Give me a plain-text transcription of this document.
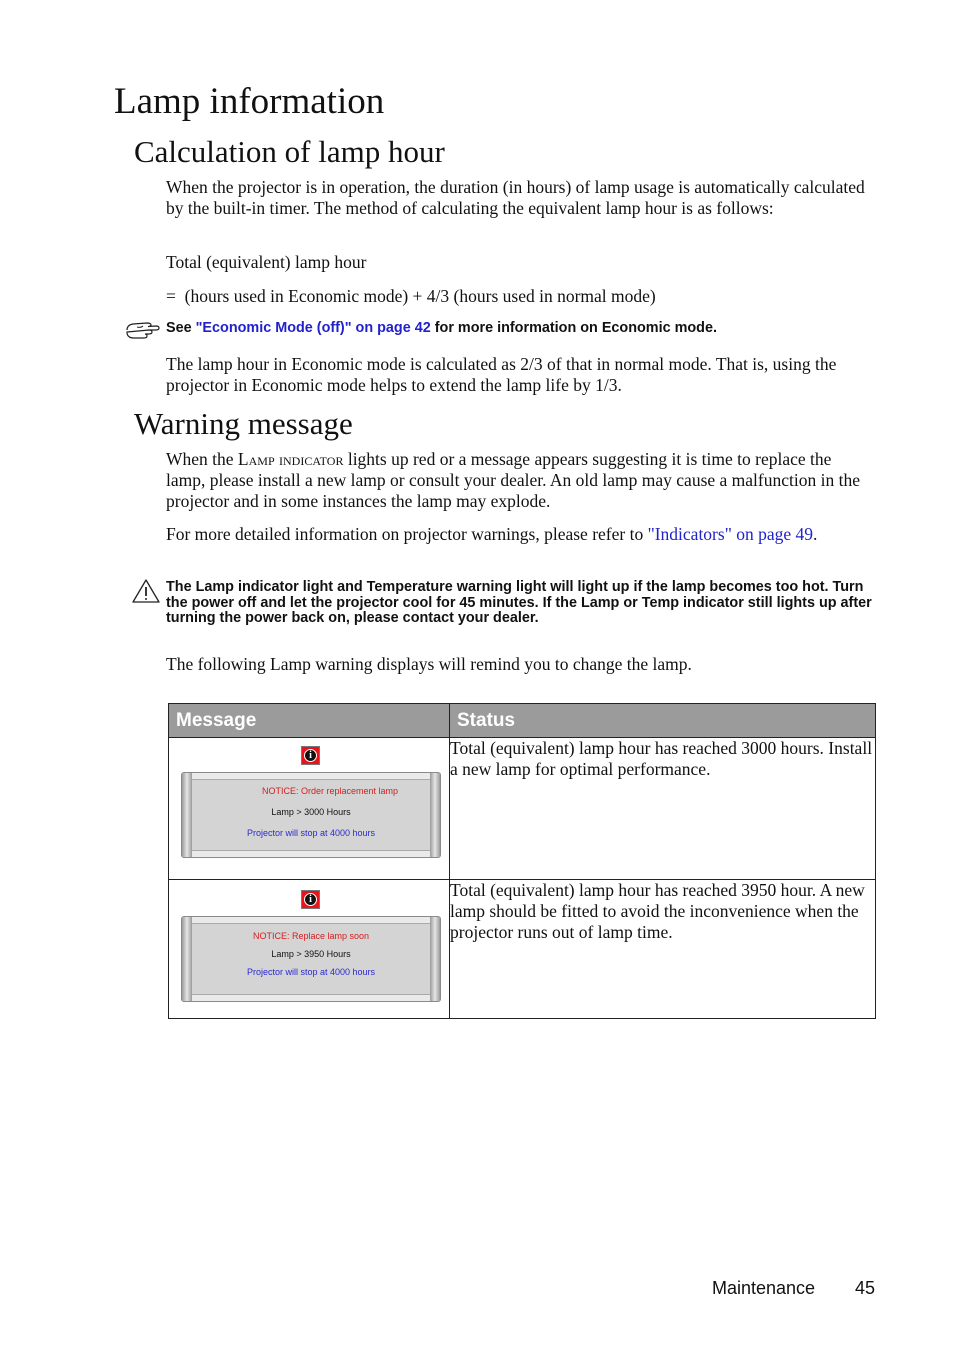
Lamp information
Calculation of lamp hour
When the projector is in operation, the duration (in hours) of lamp usage is automatically calculated by the built-in timer. The method of calculating the equivalent lamp hour is as follows:
Total (equivalent) lamp hour
=  (hours used in Economic mode) + 4/3 (hours used in normal mode)
See "Economic Mode (off)" on page 42 for more information on Economic mode.
The lamp hour in Economic mode is calculated as 2/3 of that in normal mode. That is, using the projector in Economic mode helps to extend the lamp life by 1/3.
Warning message
When the Lamp indicator lights up red or a message appears suggesting it is time to replace the lamp, please install a new lamp or consult your dealer. An old lamp may cause a malfunction in the projector and in some instances the lamp may explode.
For more detailed information on projector warnings, please refer to "Indicators" on page 49.
The Lamp indicator light and Temperature warning light will light up if the lamp becomes too hot. Turn the power off and let the projector cool for 45 minutes. If the Lamp or Temp indicator still lights up after turning the power back on, please contact your dealer.
The following Lamp warning displays will remind you to change the lamp.
Message	Status

i
NOTICE: Order replacement lamp
Lamp > 3000 Hours
Projector will stop at 4000 hours	Total (equivalent) lamp hour has reached 3000 hours. Install a new lamp for optimal performance.

i
NOTICE: Replace lamp soon
Lamp > 3950 Hours
Projector will stop at 4000 hours	Total (equivalent) lamp hour has reached 3950 hour. A new lamp should be fitted to avoid the inconvenience when the projector runs out of lamp time.
Maintenance 45
